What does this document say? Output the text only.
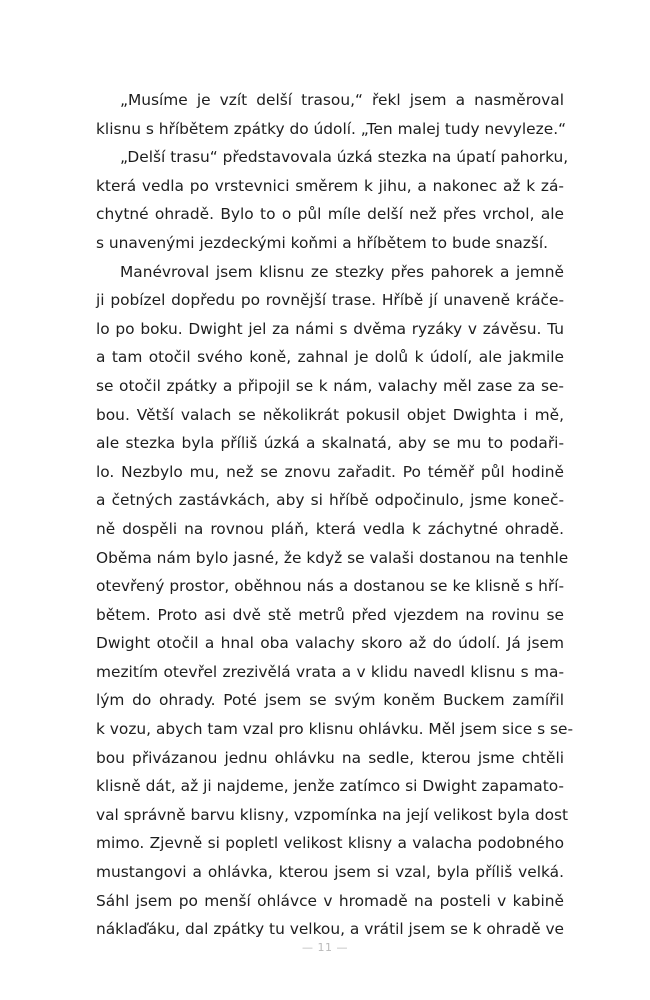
„Musíme je vzít delší trasou,“ řekl jsem a nasměroval
klisnu s hříbětem zpátky do údolí. „Ten malej tudy nevyleze.“
„Delší trasu“ představovala úzká stezka na úpatí pahorku,
která vedla po vrstevnici směrem k jihu, a nakonec až k zá-
chytné ohradě. Bylo to o půl míle delší než přes vrchol, ale
s unavenými jezdeckými koňmi a hříbětem to bude snazší.
Manévroval jsem klisnu ze stezky přes pahorek a jemně
ji pobízel dopředu po rovnější trase. Hříbě jí unaveně kráče-
lo po boku. Dwight jel za námi s dvěma ryzáky v závěsu. Tu
a tam otočil svého koně, zahnal je dolů k údolí, ale jakmile
se otočil zpátky a připojil se k nám, valachy měl zase za se-
bou. Větší valach se několikrát pokusil objet Dwighta i mě,
ale stezka byla příliš úzká a skalnatá, aby se mu to podaři-
lo. Nezbylo mu, než se znovu zařadit. Po téměř půl hodině
a četných zastávkách, aby si hříbě odpočinulo, jsme koneč-
ně dospěli na rovnou pláň, která vedla k záchytné ohradě.
Oběma nám bylo jasné, že když se valaši dostanou na tenhle
otevřený prostor, oběhnou nás a dostanou se ke klisně s hří-
bětem. Proto asi dvě stě metrů před vjezdem na rovinu se
Dwight otočil a hnal oba valachy skoro až do údolí. Já jsem
mezitím otevřel zrezivělá vrata a v klidu navedl klisnu s ma-
lým do ohrady. Poté jsem se svým koněm Buckem zamířil
k vozu, abych tam vzal pro klisnu ohlávku. Měl jsem sice s se-
bou přivázanou jednu ohlávku na sedle, kterou jsme chtěli
klisně dát, až ji najdeme, jenže zatímco si Dwight zapamato-
val správně barvu klisny, vzpomínka na její velikost byla dost
mimo. Zjevně si popletl velikost klisny a valacha podobného
mustangovi a ohlávka, kterou jsem si vzal, byla příliš velká.
Sáhl jsem po menší ohlávce v hromadě na posteli v kabině
náklaďáku, dal zpátky tu velkou, a vrátil jsem se k ohradě ve
— 11 —
